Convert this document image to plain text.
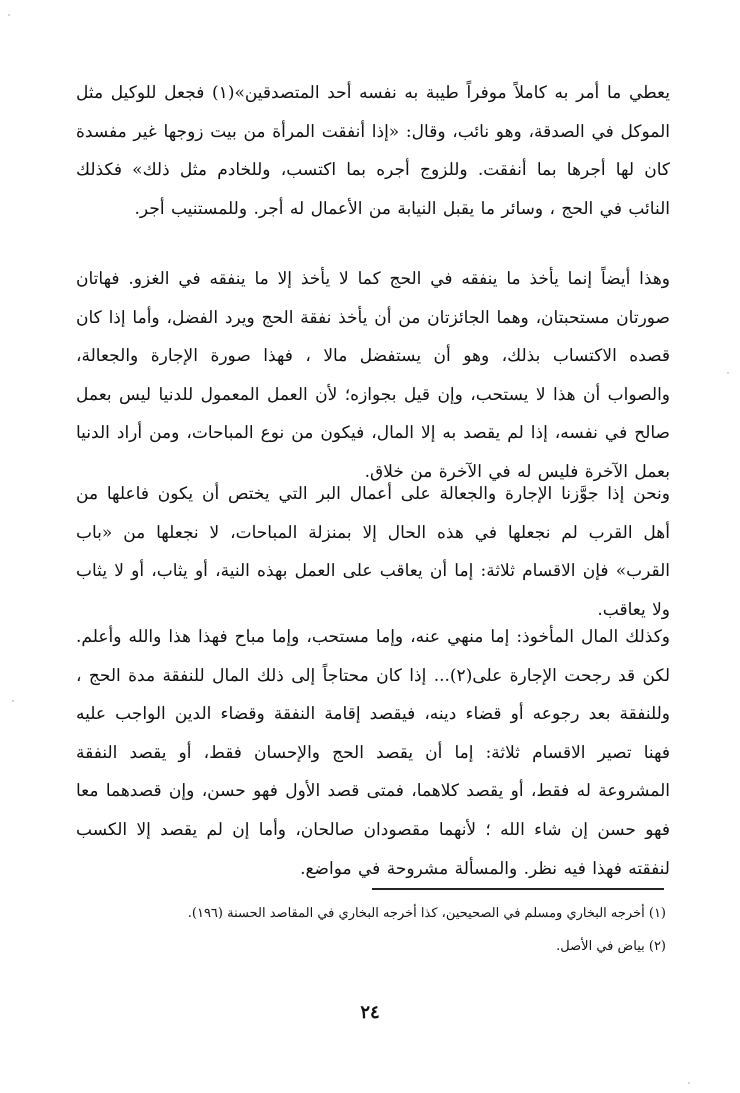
يعطي ما أمر به كاملاً موفراً طيبة به نفسه أحد المتصدقين»(١) فجعل للوكيل مثل الموكل في الصدقة، وهو نائب، وقال: «إذا أنفقت المرأة من بيت زوجها غير مفسدة كان لها أجرها بما أنفقت. وللزوج أجره بما اكتسب، وللخادم مثل ذلك» فكذلك النائب في الحج ، وسائر ما يقبل النيابة من الأعمال له أجر. وللمستنيب أجر.

وهذا أيضاً إنما يأخذ ما ينفقه في الحج كما لا يأخذ إلا ما ينفقه في الغزو. فهاتان صورتان مستحبتان، وهما الجائزتان من أن يأخذ نفقة الحج ويرد الفضل، وأما إذا كان قصده الاكتساب بذلك، وهو أن يستفضل مالا ، فهذا صورة الإجارة والجعالة، والصواب أن هذا لا يستحب، وإن قيل بجوازه؛ لأن العمل المعمول للدنيا ليس بعمل صالح في نفسه، إذا لم يقصد به إلا المال، فيكون من نوع المباحات، ومن أراد الدنيا بعمل الآخرة فليس له في الآخرة من خلاق.

ونحن إذا جوَّزنا الإجارة والجعالة على أعمال البر التي يختص أن يكون فاعلها من أهل القرب لم نجعلها في هذه الحال إلا بمنزلة المباحات، لا نجعلها من «باب القرب» فإن الاقسام ثلاثة: إما أن يعاقب على العمل بهذه النية، أو يثاب، أو لا يثاب ولا يعاقب.

وكذلك المال المأخوذ: إما منهي عنه، وإما مستحب، وإما مباح فهذا هذا والله وأعلم. لكن قد رجحت الإجارة على(٢)... إذا كان محتاجاً إلى ذلك المال للنفقة مدة الحج ، وللنفقة بعد رجوعه أو قضاء دينه، فيقصد إقامة النفقة وقضاء الدين الواجب عليه فهنا تصير الاقسام ثلاثة: إما أن يقصد الحج والإحسان فقط، أو يقصد النفقة المشروعة له فقط، أو يقصد كلاهما، فمتى قصد الأول فهو حسن، وإن قصدهما معا فهو حسن إن شاء الله ؛ لأنهما مقصودان صالحان، وأما إن لم يقصد إلا الكسب لنفقته فهذا فيه نظر. والمسألة مشروحة في مواضع.

(١) أخرجه البخاري ومسلم في الصحيحين، كذا أخرجه البخاري في المقاصد الحسنة (١٩٦).

(٢) بياض في الأصل.

٢٤
